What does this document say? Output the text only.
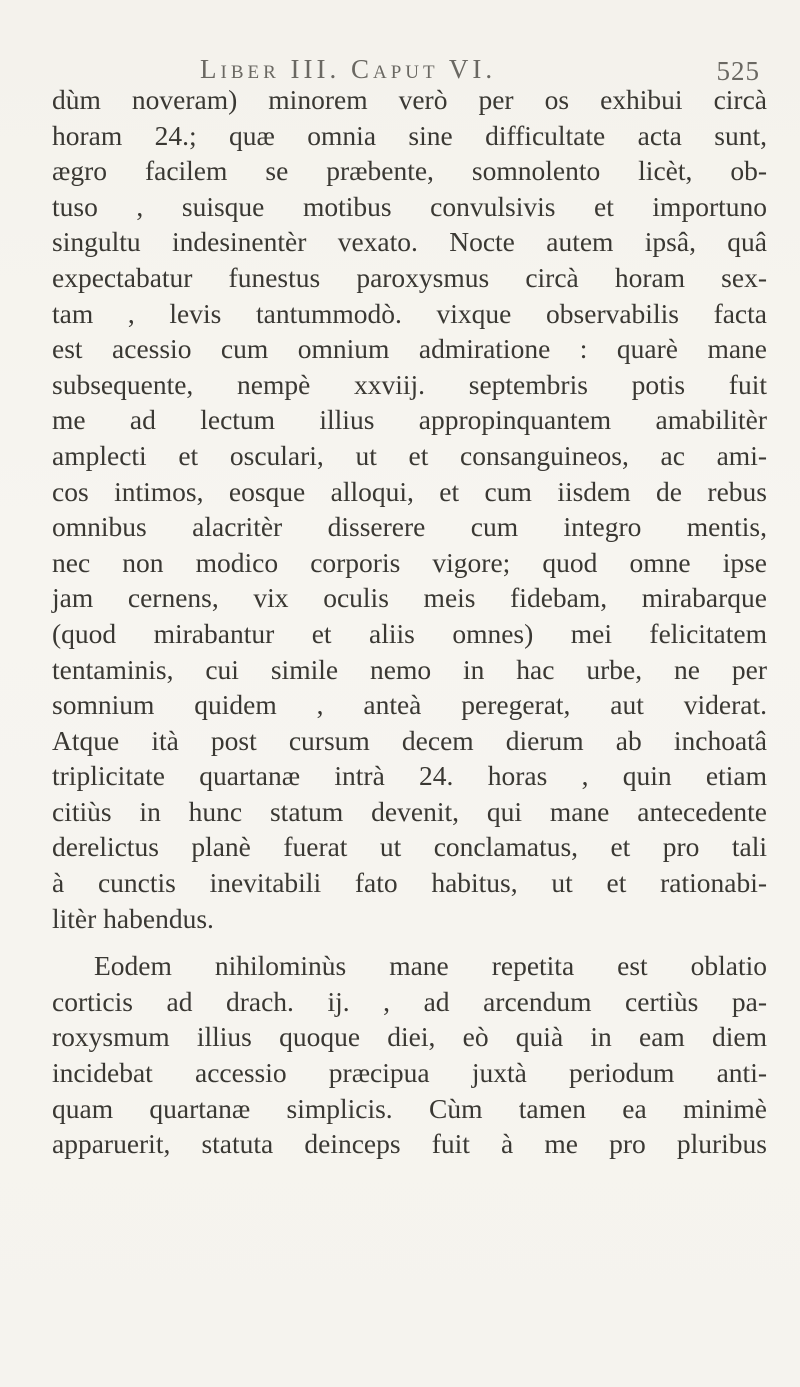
Liber III. Caput VI.	525
dùm noveram) minorem verò per os exhibui circà
horam 24.; quæ omnia sine difficultate acta sunt,
ægro facilem se præbente, somnolento licèt, ob-
tuso , suisque motibus convulsivis et importuno
singultu indesinentèr vexato. Nocte autem ipsâ, quâ
expectabatur funestus paroxysmus circà horam sex-
tam , levis tantummodò. vixque observabilis facta
est acessio cum omnium admiratione : quarè mane
subsequente, nempè xxviij. septembris potis fuit
me ad lectum illius appropinquantem amabilitèr
amplecti et osculari, ut et consanguineos, ac ami-
cos intimos, eosque alloqui, et cum iisdem de rebus
omnibus alacritèr disserere cum integro mentis,
nec non modico corporis vigore; quod omne ipse
jam cernens, vix oculis meis fidebam, mirabarque
(quod mirabantur et aliis omnes) mei felicitatem
tentaminis, cui simile nemo in hac urbe, ne per
somnium quidem , anteà peregerat, aut viderat.
Atque ità post cursum decem dierum ab inchoatâ
triplicitate quartanæ intrà 24. horas , quin etiam
citiùs in hunc statum devenit, qui mane antecedente
derelictus planè fuerat ut conclamatus, et pro tali
à cunctis inevitabili fato habitus, ut et rationabi-
litèr habendus.
Eodem nihilominùs mane repetita est oblatio
corticis ad drach. ij. , ad arcendum certiùs pa-
roxysmum illius quoque diei, eò quià in eam diem
incidebat accessio præcipua juxtà periodum anti-
quam quartanæ simplicis. Cùm tamen ea minimè
apparuerit, statuta deinceps fuit à me pro pluribus
